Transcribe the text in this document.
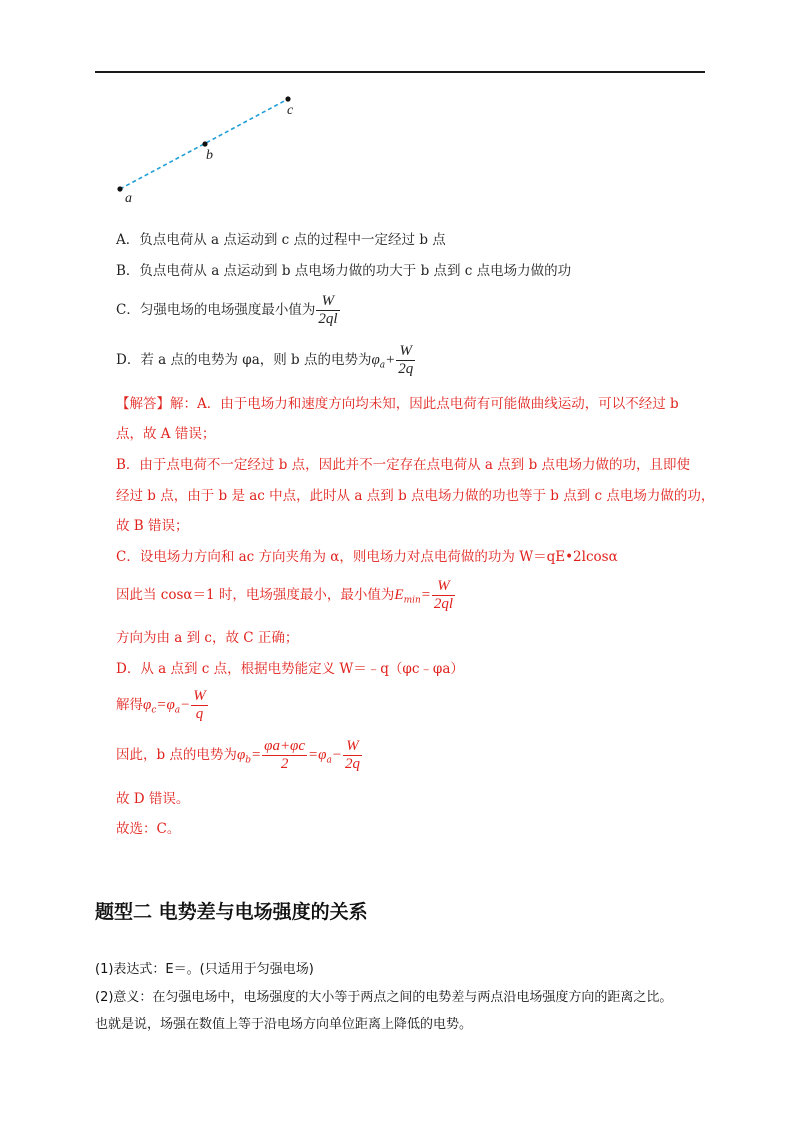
a
b
c
A．负点电荷从 a 点运动到 c 点的过程中一定经过 b 点
B．负点电荷从 a 点运动到 b 点电场力做的功大于 b 点到 c 点电场力做的功
C．匀强电场的电场强度最小值为 $\frac{W}{2ql}$
D．若 a 点的电势为 φa，则 b 点的电势为$\varphi_a+ \frac{W}{2q}$
【解答】解：A．由于电场力和速度方向均未知，因此点电荷有可能做曲线运动，可以不经过 b
点，故 A 错误；
B．由于点电荷不一定经过 b 点，因此并不一定存在点电荷从 a 点到 b 点电场力做的功，且即使
经过 b 点，由于 b 是 ac 中点，此时从 a 点到 b 点电场力做的功也等于 b 点到 c 点电场力做的功，
故 B 错误；
C．设电场力方向和 ac 方向夹角为 α，则电场力对点电荷做的功为 W＝qE•2lcosα
因此当 cosα＝1 时，电场强度最小，最小值为$E_{min}= \frac{W}{2ql}$
方向为由 a 到 c，故 C 正确；
D．从 a 点到 c 点，根据电势能定义 W＝﹣q（φc﹣φa）
解得$\varphi_c=\varphi_a- \frac{W}{q}$
因此，b 点的电势为$\varphi_b= \frac{\varphi a+\varphi c}{2} =\varphi_a- \frac{W}{2q}$
故 D 错误。
故选：C。
题型二 电势差与电场强度的关系
(1)表达式：E＝。(只适用于匀强电场)
(2)意义：在匀强电场中，电场强度的大小等于两点之间的电势差与两点沿电场强度方向的距离之比。
也就是说，场强在数值上等于沿电场方向单位距离上降低的电势。
